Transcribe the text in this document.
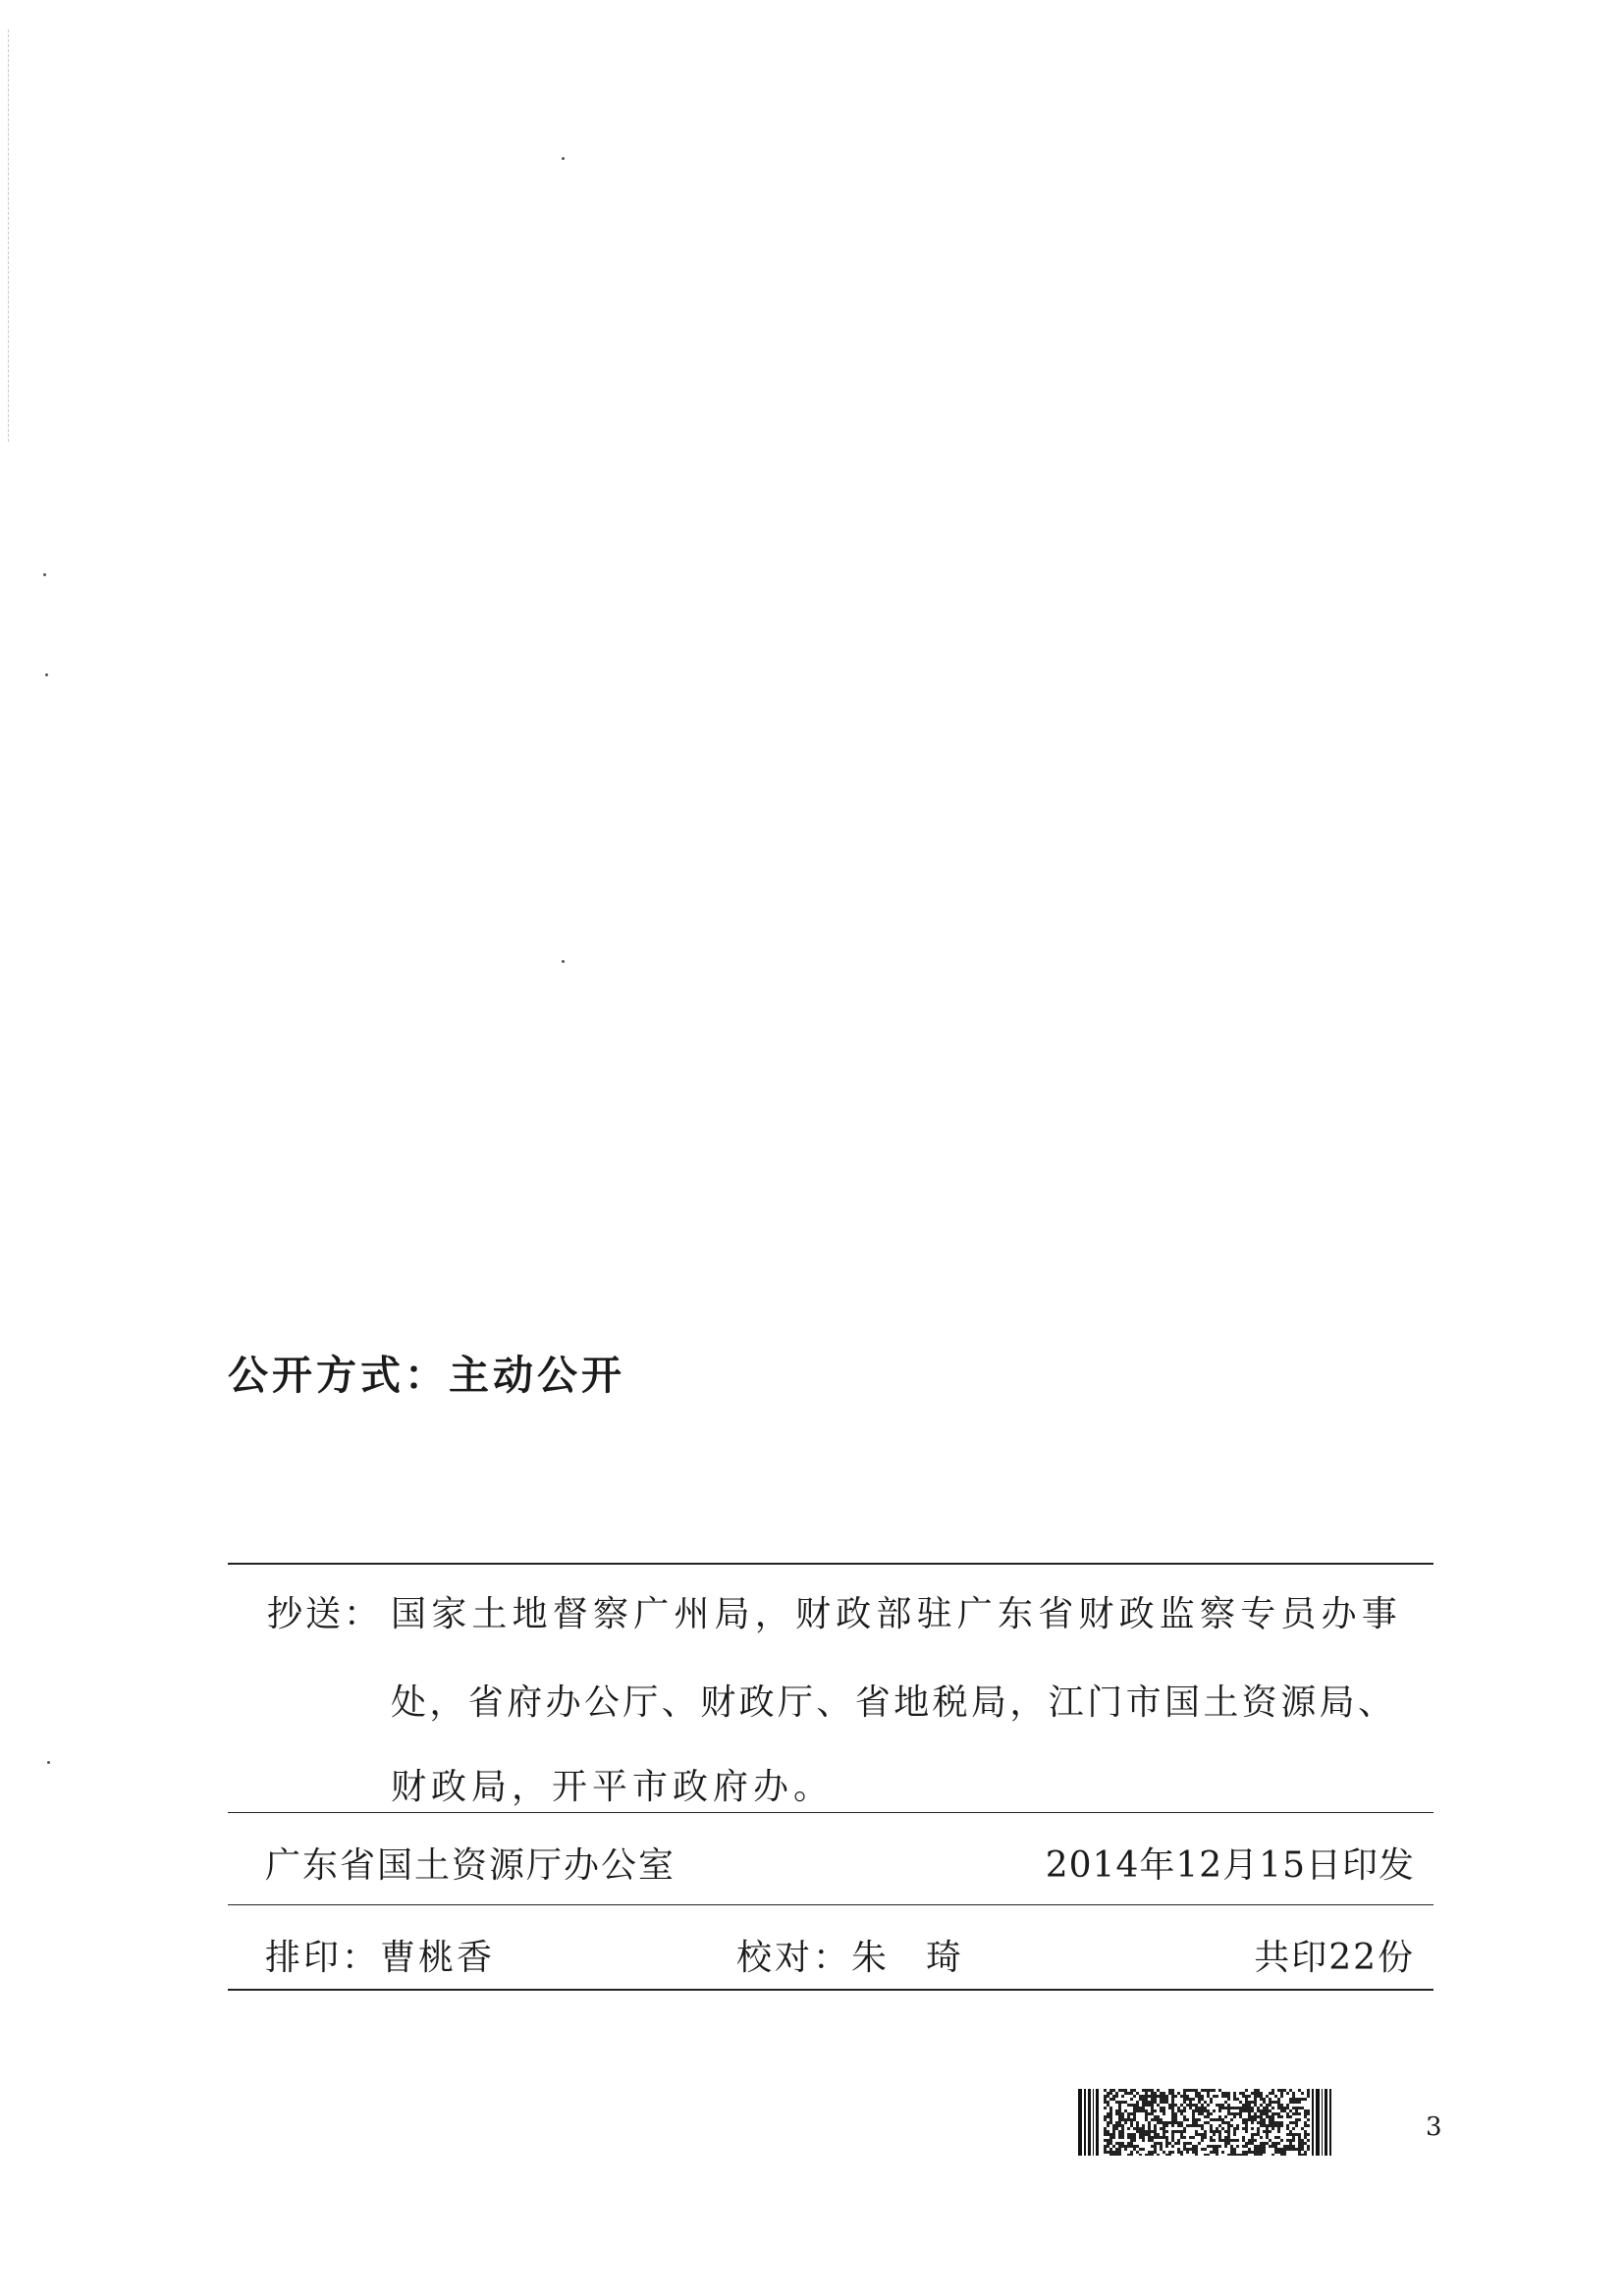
公开方式：主动公开
抄送： 国家土地督察广州局，财政部驻广东省财政监察专员办事
处，省府办公厅、财政厅、省地税局，江门市国土资源局、
财政局，开平市政府办。
广东省国土资源厅办公室	2014年12月15日印发
排印：曹桃香	校对：朱琦	共印22份
3
